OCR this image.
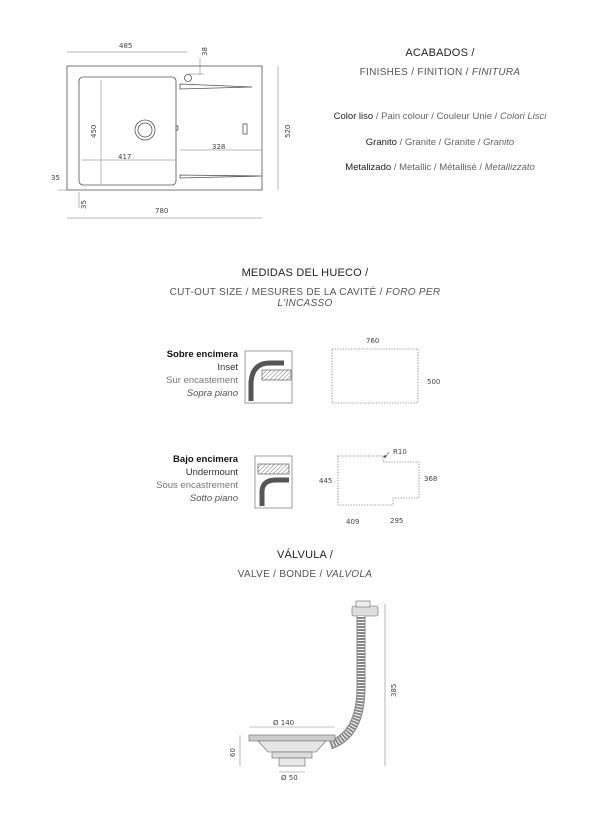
485
38
450
417
328
520
35
35
780
ACABADOS /
FINISHES / FINITION / FINITURA
Color liso / Pain colour / Couleur Unie / Colori Lisci
Granito / Granite / Granite / Granito
Metalizado / Metallic / Métallisé / Metallizzato
MEDIDAS DEL HUECO /
CUT-OUT SIZE / MESURES DE LA CAVITÉ / FORO PER L'INCASSO
Sobre encimera
Inset
Sur encastement
Sopra piano
Bajo encimera
Undermount
Sous encastrement
Sotto piano
760
500
R10
445	368
409	295
VÁLVULA /
VALVE / BONDE / VALVOLA
Ø 140
60
Ø 50
385
